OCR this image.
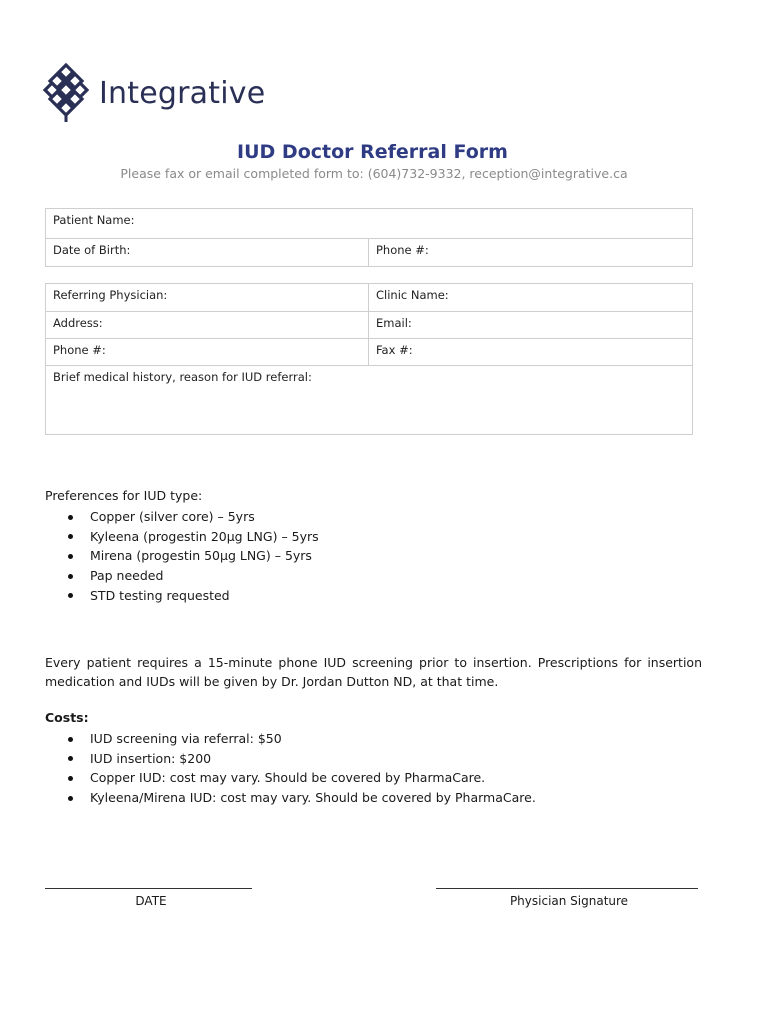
Integrative
IUD Doctor Referral Form
Please fax or email completed form to: (604)732-9332, reception@integrative.ca
Patient Name:
Date of Birth:	Phone #:
Referring Physician:	Clinic Name:
Address:	Email:
Phone #:	Fax #:
Brief medical history, reason for IUD referral:
Preferences for IUD type:
Copper (silver core) – 5yrs
Kyleena (progestin 20µg LNG) – 5yrs
Mirena (progestin 50µg LNG) – 5yrs
Pap needed
STD testing requested
Every patient requires a 15-minute phone IUD screening prior to insertion. Prescriptions for insertion medication and IUDs will be given by Dr. Jordan Dutton ND, at that time.
Costs:
IUD screening via referral: $50
IUD insertion: $200
Copper IUD: cost may vary. Should be covered by PharmaCare.
Kyleena/Mirena IUD: cost may vary. Should be covered by PharmaCare.
DATE	Physician Signature
